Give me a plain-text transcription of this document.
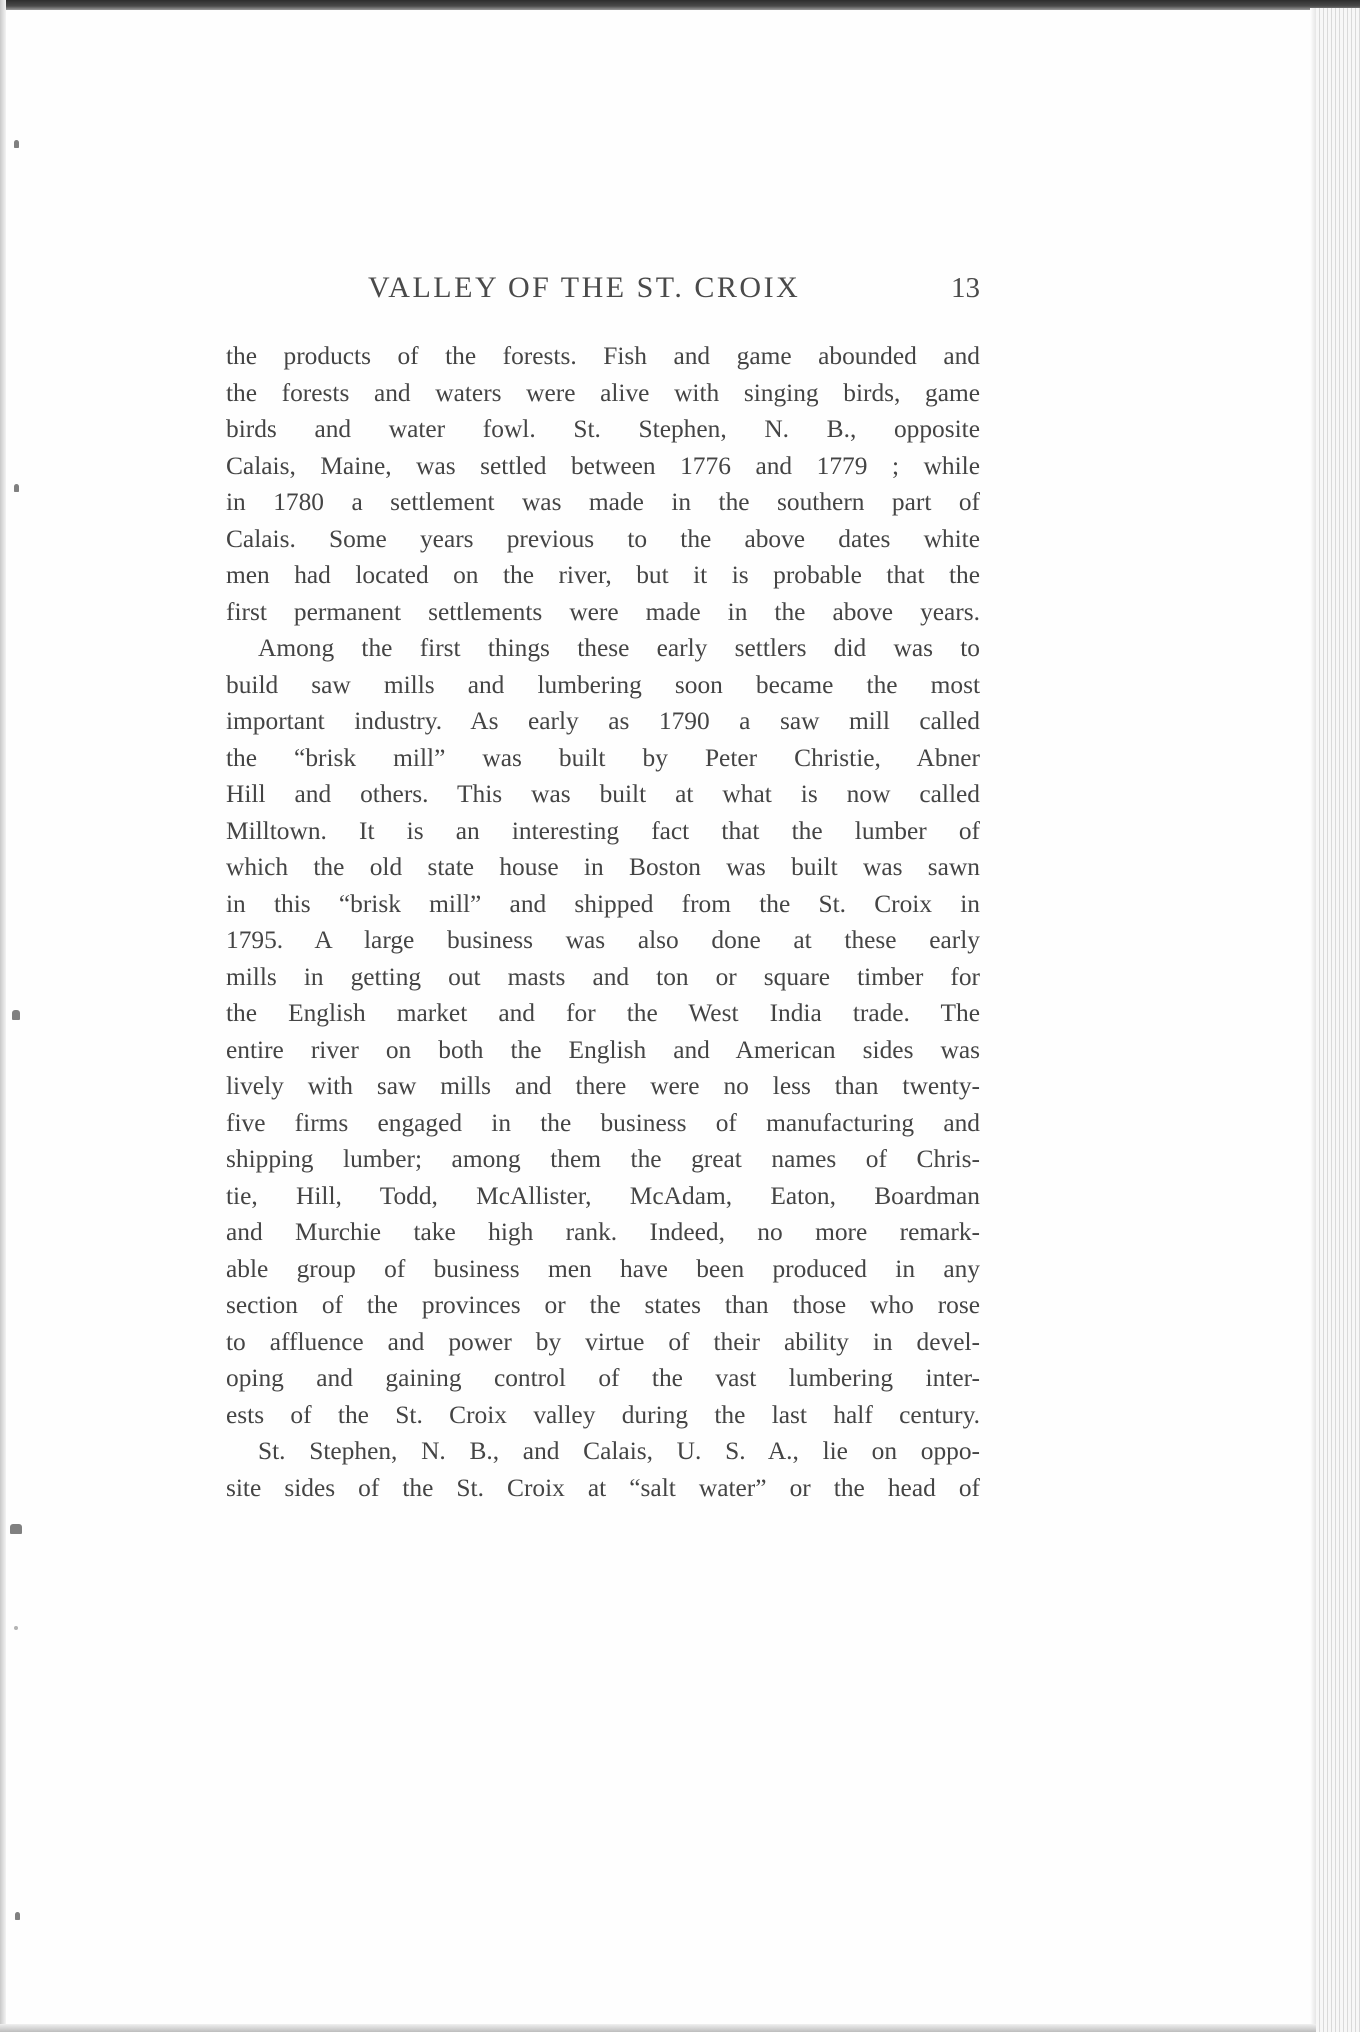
VALLEY OF THE ST. CROIX	13
the products of the forests. Fish and game abounded and
the forests and waters were alive with singing birds, game
birds and water fowl. St. Stephen, N. B., opposite
Calais, Maine, was settled between 1776 and 1779 ; while
in 1780 a settlement was made in the southern part of
Calais. Some years previous to the above dates white
men had located on the river, but it is probable that the
first permanent settlements were made in the above years.
Among the first things these early settlers did was to
build saw mills and lumbering soon became the most
important industry. As early as 1790 a saw mill called
the “brisk mill” was built by Peter Christie, Abner
Hill and others. This was built at what is now called
Milltown. It is an interesting fact that the lumber of
which the old state house in Boston was built was sawn
in this “brisk mill” and shipped from the St. Croix in
1795. A large business was also done at these early
mills in getting out masts and ton or square timber for
the English market and for the West India trade. The
entire river on both the English and American sides was
lively with saw mills and there were no less than twenty-
five firms engaged in the business of manufacturing and
shipping lumber; among them the great names of Chris-
tie, Hill, Todd, McAllister, McAdam, Eaton, Boardman
and Murchie take high rank. Indeed, no more remark-
able group of business men have been produced in any
section of the provinces or the states than those who rose
to affluence and power by virtue of their ability in devel-
oping and gaining control of the vast lumbering inter-
ests of the St. Croix valley during the last half century.
St. Stephen, N. B., and Calais, U. S. A., lie on oppo-
site sides of the St. Croix at “salt water” or the head of
